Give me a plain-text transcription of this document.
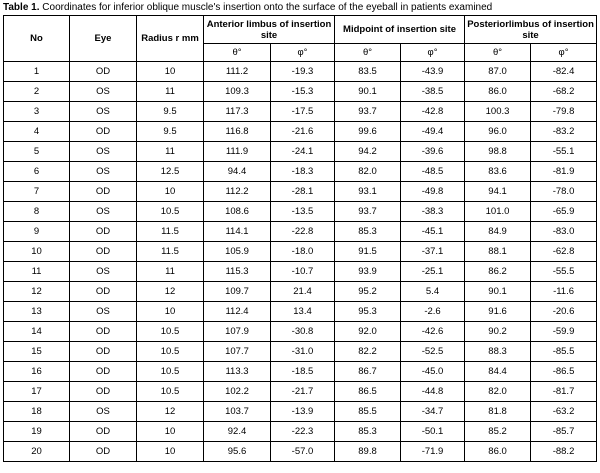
Table 1. Coordinates for inferior oblique muscle's insertion onto the surface of the eyeball in patients examined
No	Eye	Radius r mm	Anterior limbus of insertion site		Midpoint of insertion site		Posteriorlimbus of insertion site	
			θ°	φ°	θ°	φ°	θ°	φ°
1	OD	10	111.2	-19.3	83.5	-43.9	87.0	-82.4
2	OS	11	109.3	-15.3	90.1	-38.5	86.0	-68.2
3	OS	9.5	117.3	-17.5	93.7	-42.8	100.3	-79.8
4	OD	9.5	116.8	-21.6	99.6	-49.4	96.0	-83.2
5	OS	11	111.9	-24.1	94.2	-39.6	98.8	-55.1
6	OS	12.5	94.4	-18.3	82.0	-48.5	83.6	-81.9
7	OD	10	112.2	-28.1	93.1	-49.8	94.1	-78.0
8	OS	10.5	108.6	-13.5	93.7	-38.3	101.0	-65.9
9	OD	11.5	114.1	-22.8	85.3	-45.1	84.9	-83.0
10	OD	11.5	105.9	-18.0	91.5	-37.1	88.1	-62.8
11	OS	11	115.3	-10.7	93.9	-25.1	86.2	-55.5
12	OD	12	109.7	21.4	95.2	5.4	90.1	-11.6
13	OS	10	112.4	13.4	95.3	-2.6	91.6	-20.6
14	OD	10.5	107.9	-30.8	92.0	-42.6	90.2	-59.9
15	OD	10.5	107.7	-31.0	82.2	-52.5	88.3	-85.5
16	OD	10.5	113.3	-18.5	86.7	-45.0	84.4	-86.5
17	OD	10.5	102.2	-21.7	86.5	-44.8	82.0	-81.7
18	OS	12	103.7	-13.9	85.5	-34.7	81.8	-63.2
19	OD	10	92.4	-22.3	85.3	-50.1	85.2	-85.7
20	OD	10	95.6	-57.0	89.8	-71.9	86.0	-88.2
